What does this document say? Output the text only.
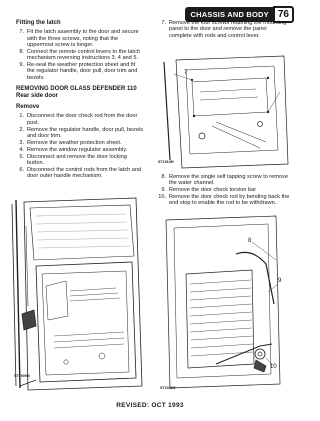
CHASSIS AND BODY 76

Fitting the latch

7. Fit the latch assembly to the door and secure with the three screws, noting that the uppermost screw is longer.
8. Connect the remote control levers to the latch mechanism reversing instructions 3, 4 and 5.
9. Re-seal the weather protection sheet and fit the regulator handle, door pull, door trim and bezels.

REMOVING DOOR GLASS DEFENDER 110

Rear side door

Remove

1. Disconnect the door check rod from the door post.
2. Remove the regulator handle, door pull, bezels and door trim.
3. Remove the weather protection sheet.
4. Remove the window regulator assembly.
5. Disconnect and remove the door locking button.
6. Disconnect the control rods from the latch and door outer handle mechanism.
ST1909M
7. Remove the four screws retaining the mounting panel to the door and remove the panel complete with rods and control lever.
7
ST1910M
8. Remove the single self tapping screw to remove the water channel.
9. Remove the door check torsion bar
10. Remove the door check rod by bending back the end stop to enable the rod to be withdrawn.
8
9
10
ST1911M
REVISED: OCT 1993
